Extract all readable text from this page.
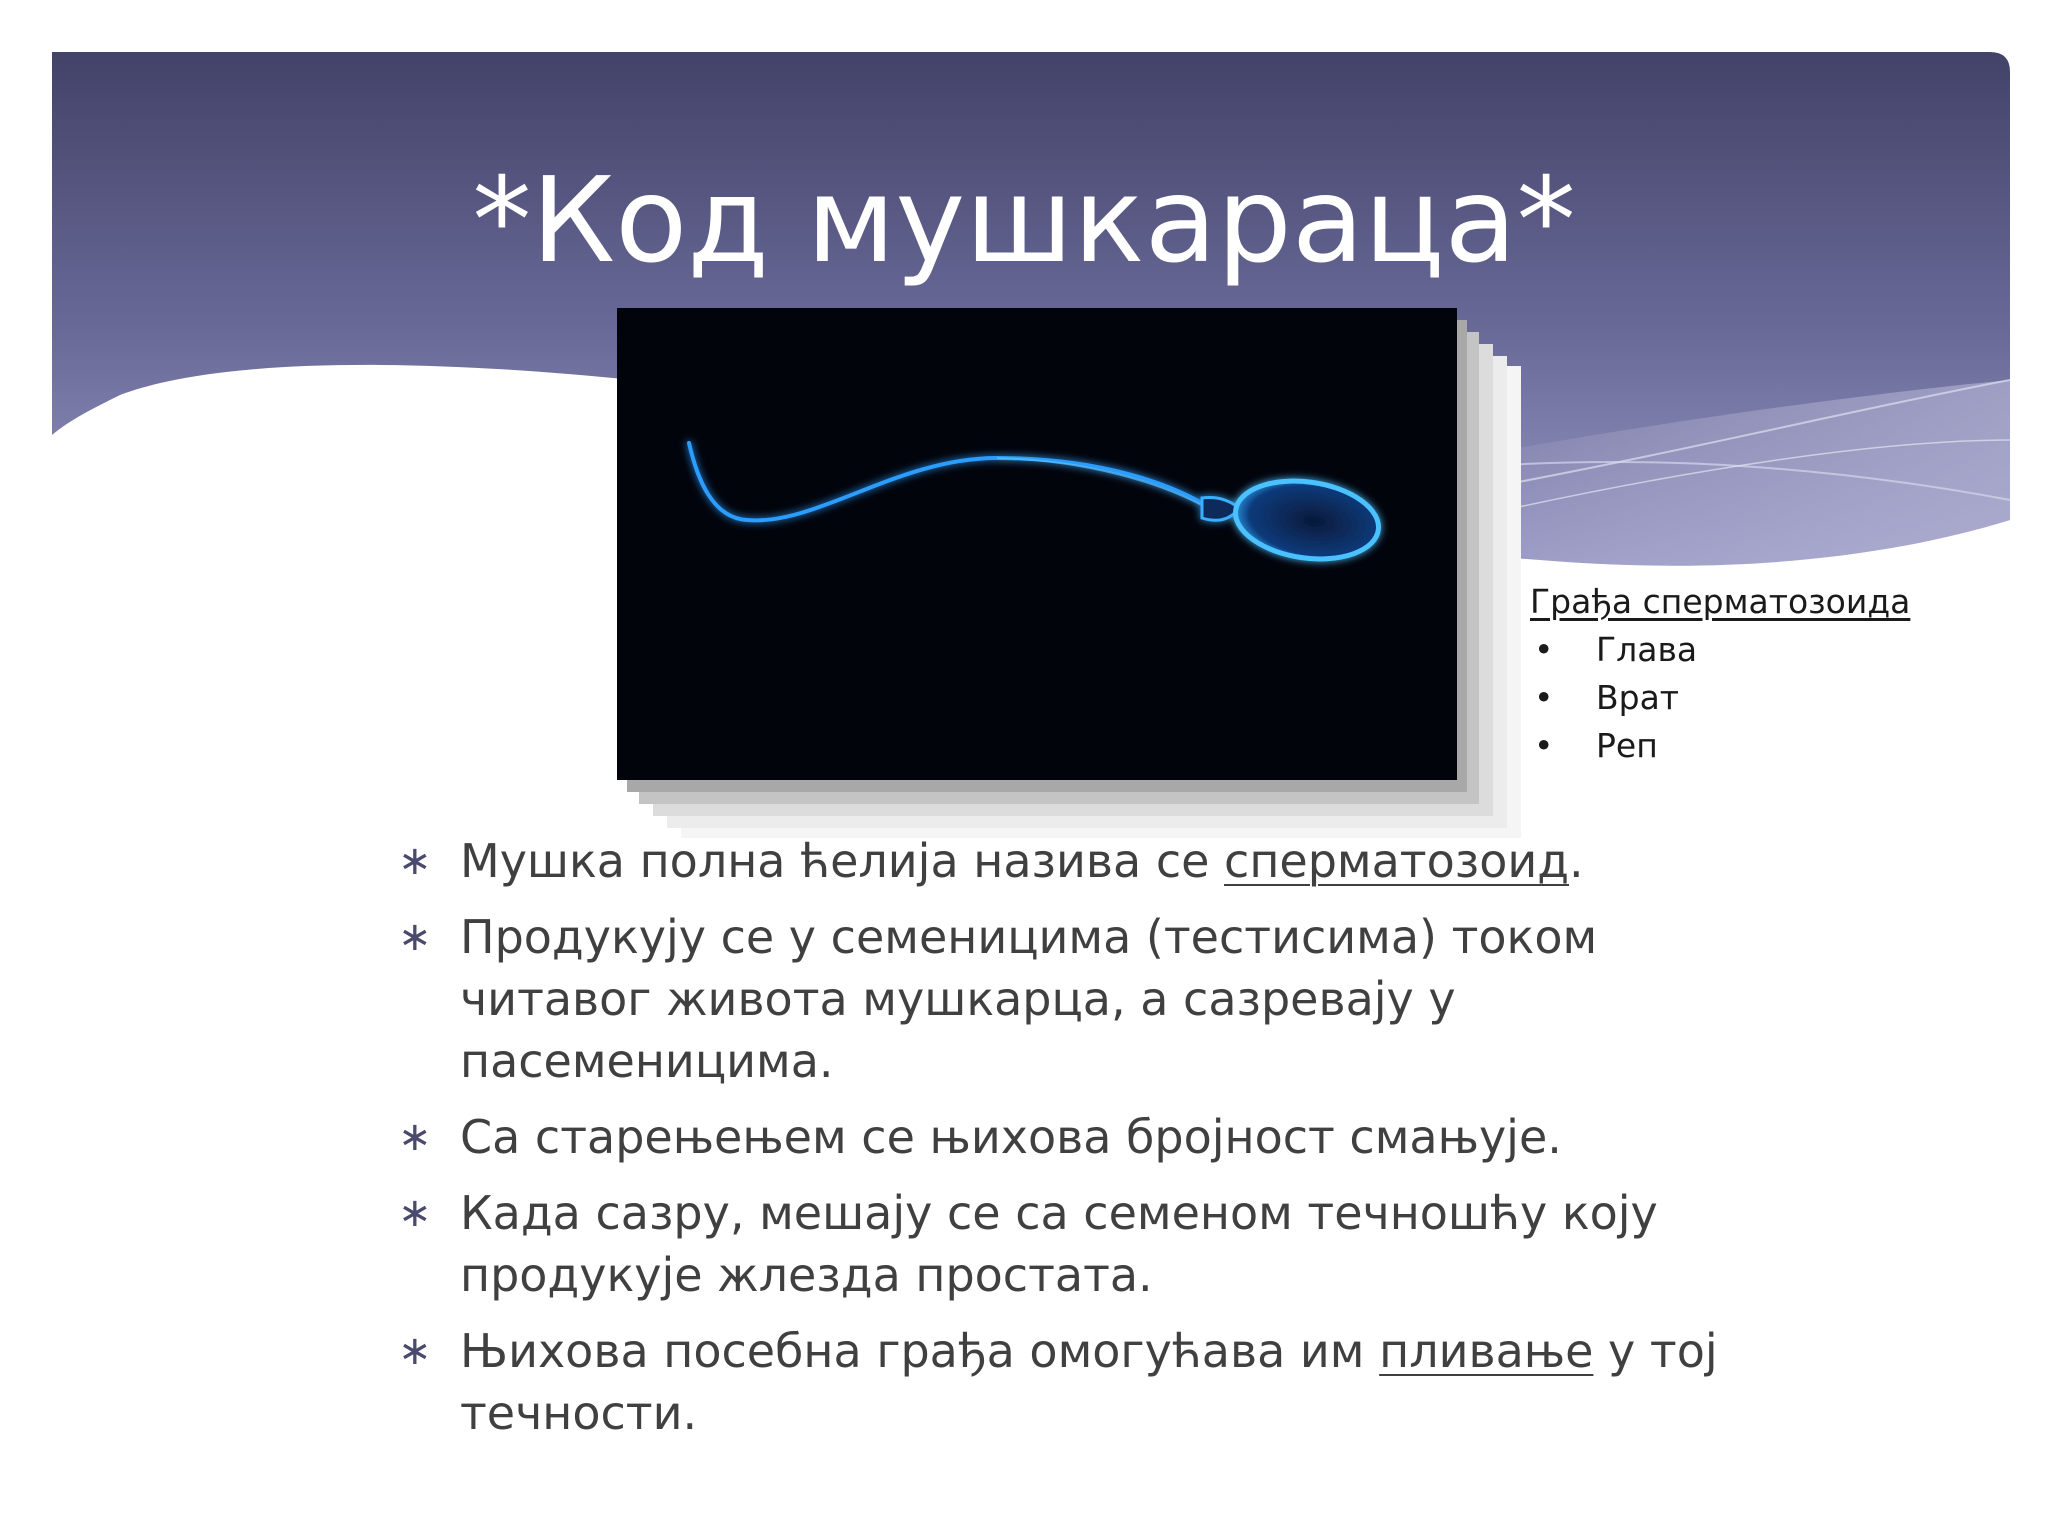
*Код мушкараца*
Грађа сперматозоида
• Глава
• Врат
• Реп
∗ Мушка полна ћелија назива се сперматозоид.
∗ Продукују се у семеницима (тестисима) током читавог живота мушкарца, а сазревају у пасеменицима.
∗ Са старењењем се њихова бројност смањује.
∗ Када сазру, мешају се са семеном течношћу коју продукује жлезда простата.
∗ Њихова посебна грађа омогућава им пливање у тој течности.
